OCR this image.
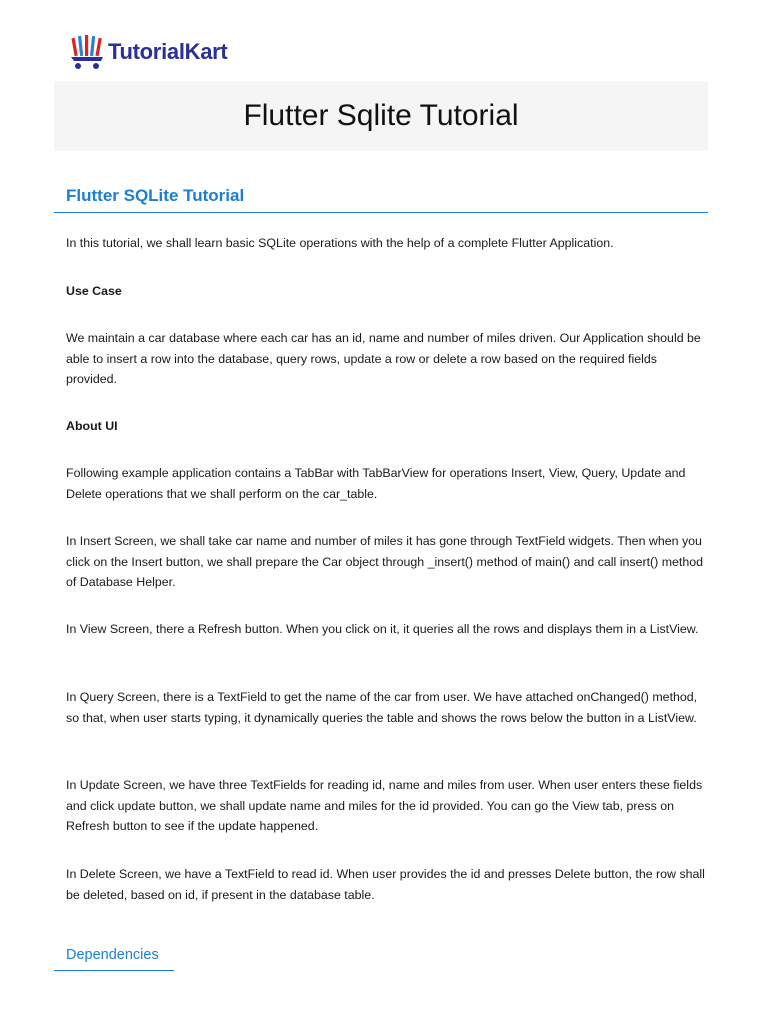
TutorialKart
Flutter Sqlite Tutorial
Flutter SQLite Tutorial

In this tutorial, we shall learn basic SQLite operations with the help of a complete Flutter Application.

Use Case

We maintain a car database where each car has an id, name and number of miles driven. Our Application should be able to insert a row into the database, query rows, update a row or delete a row based on the required fields provided.

About UI

Following example application contains a TabBar with TabBarView for operations Insert, View, Query, Update and Delete operations that we shall perform on the car_table.

In Insert Screen, we shall take car name and number of miles it has gone through TextField widgets. Then when you click on the Insert button, we shall prepare the Car object through _insert() method of main() and call insert() method of Database Helper.

In View Screen, there a Refresh button. When you click on it, it queries all the rows and displays them in a ListView.

In Query Screen, there is a TextField to get the name of the car from user. We have attached onChanged() method, so that, when user starts typing, it dynamically queries the table and shows the rows below the button in a ListView.

In Update Screen, we have three TextFields for reading id, name and miles from user. When user enters these fields and click update button, we shall update name and miles for the id provided. You can go the View tab, press on Refresh button to see if the update happened.

In Delete Screen, we have a TextField to read id. When user provides the id and presses Delete button, the row shall be deleted, based on id, if present in the database table.

Dependencies
